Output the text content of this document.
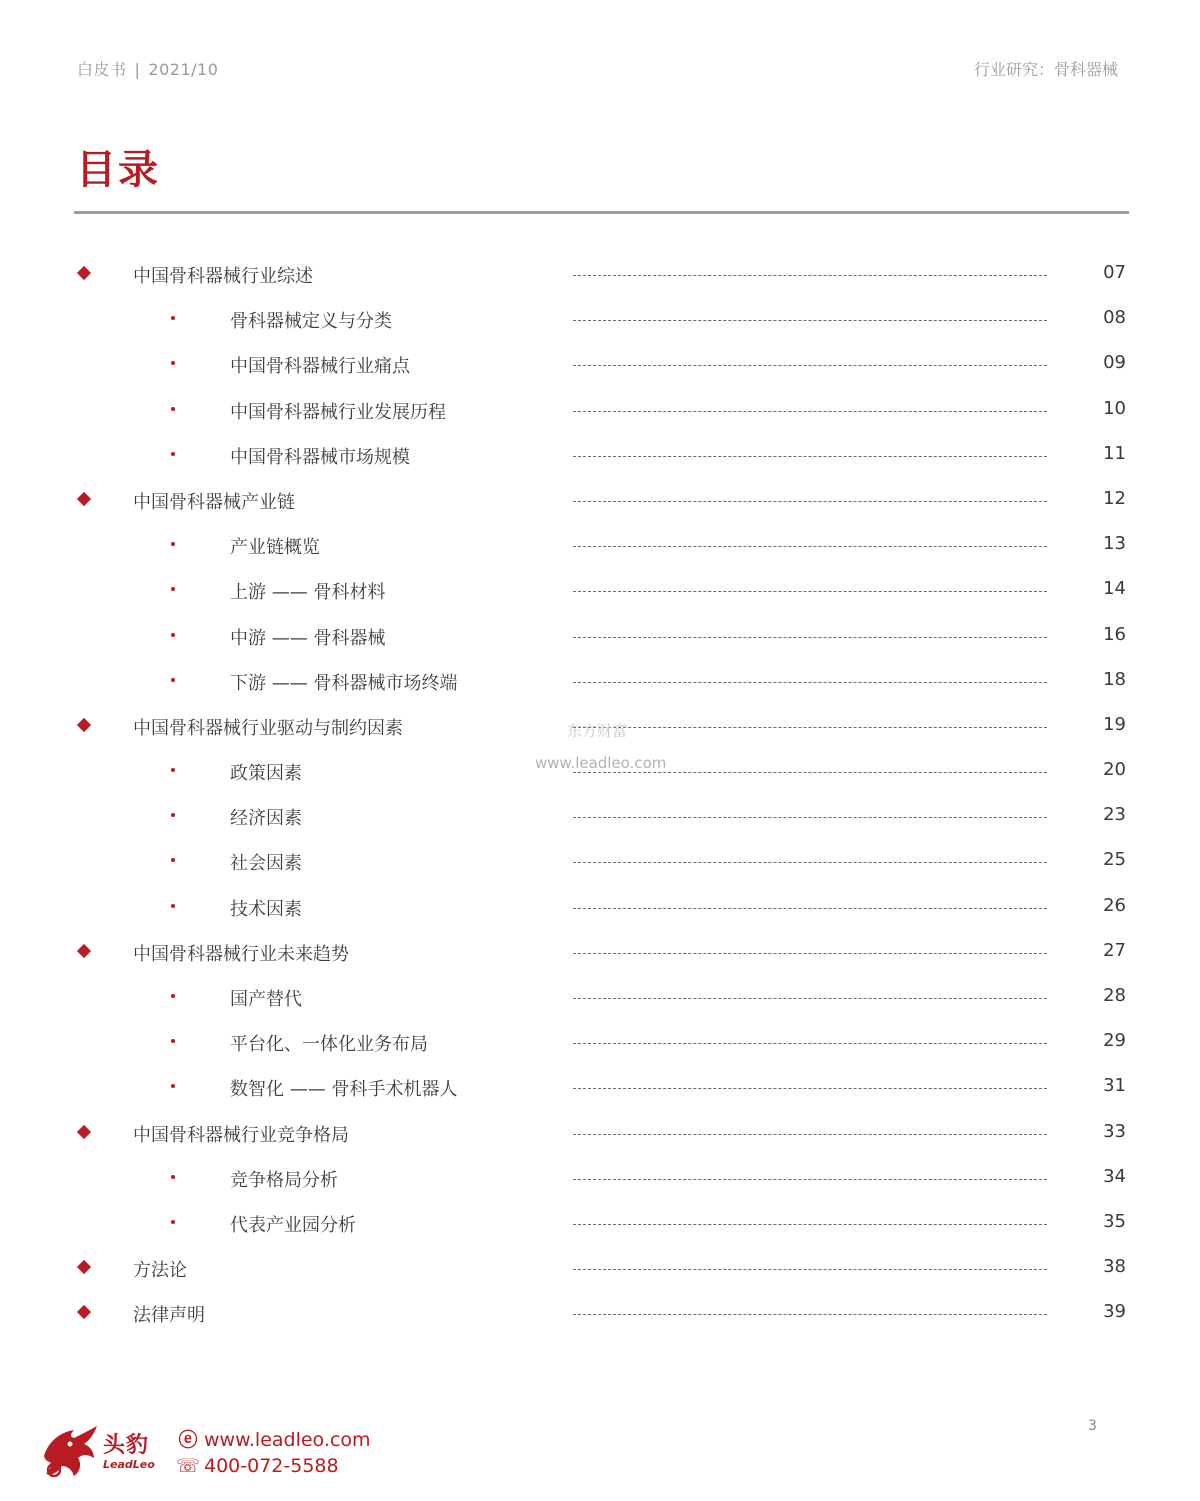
白皮书 | 2021/10	行业研究：骨科器械
目录
中国骨科器械行业综述	07
骨科器械定义与分类	08
中国骨科器械行业痛点	09
中国骨科器械行业发展历程	10
中国骨科器械市场规模	11
中国骨科器械产业链	12
产业链概览	13
上游 —— 骨科材料	14
中游 —— 骨科器械	16
下游 —— 骨科器械市场终端	18
中国骨科器械行业驱动与制约因素	19
政策因素	20
经济因素	23
社会因素	25
技术因素	26
中国骨科器械行业未来趋势	27
国产替代	28
平台化、一体化业务布局	29
数智化 —— 骨科手术机器人	31
中国骨科器械行业竞争格局	33
竞争格局分析	34
代表产业园分析	35
方法论	38
法律声明	39
东方财富
www.leadleo.com
3
头豹
LeadLeo
ⓔ www.leadleo.com
☏ 400-072-5588
